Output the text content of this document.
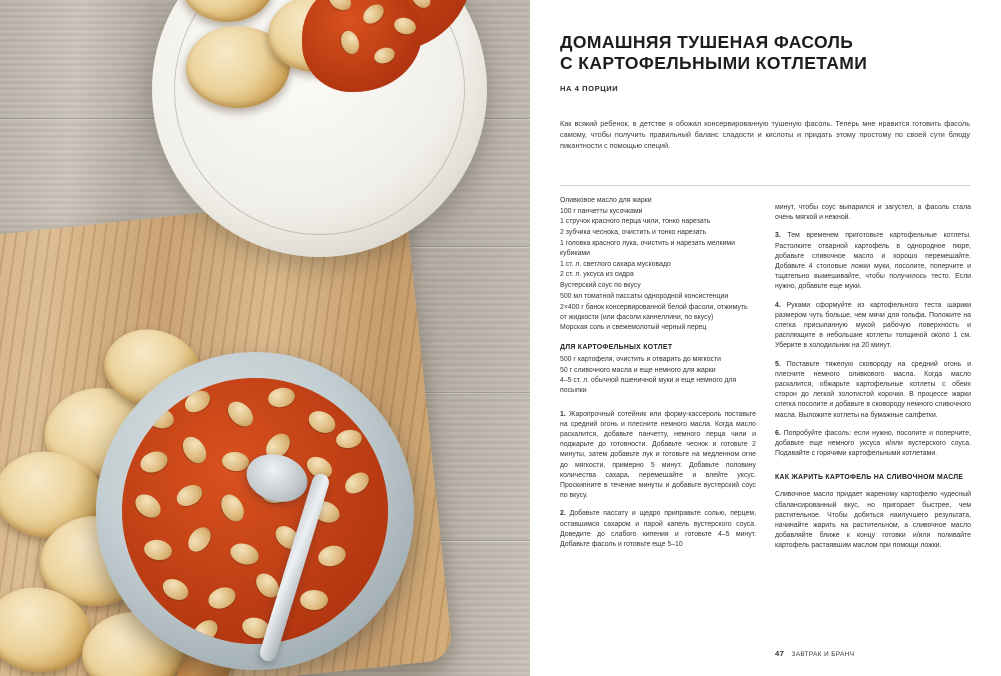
ДОМАШНЯЯ ТУШЕНАЯ ФАСОЛЬ
С КАРТОФЕЛЬНЫМИ КОТЛЕТАМИ
НА 4 ПОРЦИИ
Как всякий ребенок, в детстве я обожал консервированную тушеную фасоль. Теперь мне нравится готовить фасоль самому, чтобы получить правильный баланс сладости и кислоты и придать этому простому по своей сути блюду пикантности с помощью специй.
Оливковое масло для жарки
100 г панчетты кусочками
1 стручок красного перца чили, тонко нарезать
2 зубчика чеснока, очистить и тонко нарезать
1 головка красного лука, очистить и нарезать мелкими кубиками
1 ст. л. светлого сахара мусковадо
2 ст. л. уксуса из сидра
Вустерский соус по вкусу
500 мл томатной пассаты однородной консистенции
2×400 г банок консервированной белой фасоли, отжимуть от жидкости (или фасоли каннеллини, по вкусу)
Морская соль и свежемолотый черный перец
ДЛЯ КАРТОФЕЛЬНЫХ КОТЛЕТ
500 г картофеля, очистить и отварить до мягкости
50 г сливочного масла и еще немного для жарки
4–5 ст. л. обычной пшеничной муки и еще немного для посыпки

1. Жаропрочный сотейник или форму-кассероль поставьте на средний огонь и плесните немного масла. Когда масло раскалится, добавьте панчетту, немного перца чили и поджарьте до готовности. Добавьте чеснок и готовьте 2 минуты, затем добавьте лук и готовьте на медленном огне до мягкости, примерно 5 минут. Добавьте половину количества сахара, перемешайте и влейте уксус. Проскипните в течение минуты и добавьте вустерский соус по вкусу.

2. Добавьте пассату и щедро приправьте солью, перцем, оставшимся сахаром и парой капель вустерского соуса. Доведите до слабого кипения и готовьте 4–5 минут. Добавьте фасоль и готовьте еще 5–10

минут, чтобы соус выпарился и загустел, а фасоль стала очень мягкой и нежной.

3. Тем временем приготовьте картофельные котлеты. Растолките отварной картофель в однородное пюре, добавьте сливочное масло и хорошо перемешайте. Добавьте 4 столовые ложки муки, посолите, поперчите и тщательно вымешивайте, чтобы получилось тесто. Если нужно, добавьте еще муки.

4. Руками сформуйте из картофельного теста шарики размером чуть больше, чем мячи для гольфа. Положите на слегка присыпанную мукой рабочую поверхность и расплющите в небольшие котлеты толщиной около 1 см. Уберите в холодильник на 20 минут.

5. Поставьте тяжелую сковороду на средний огонь и плесните немного оливкового масла. Когда масло раскалится, обжарьте картофельные котлеты с обеих сторон до легкой золотистой корочки. В процессе жарки слегка посолите и добавьте в сковороду немного сливочного масла. Выложите котлеты на бумажные салфетки.

6. Попробуйте фасоль: если нужно, посолите и поперчите, добавьте еще немного уксуса и/или вустерского соуса. Подавайте с горячими картофельными котлетами.

КАК ЖАРИТЬ КАРТОФЕЛЬ НА СЛИВОЧНОМ МАСЛЕ

Сливочное масло придает жареному картофелю чудесный сбалансированный вкус, но пригорает быстрее, чем растительное. Чтобы добиться наилучшего результата, начинайте жарить на растительном, а сливочное масло добавляйте ближе к концу готовки и/или поливайте картофель растаявшим маслом при помощи ложки.

47 ЗАВТРАК И БРАНЧ
